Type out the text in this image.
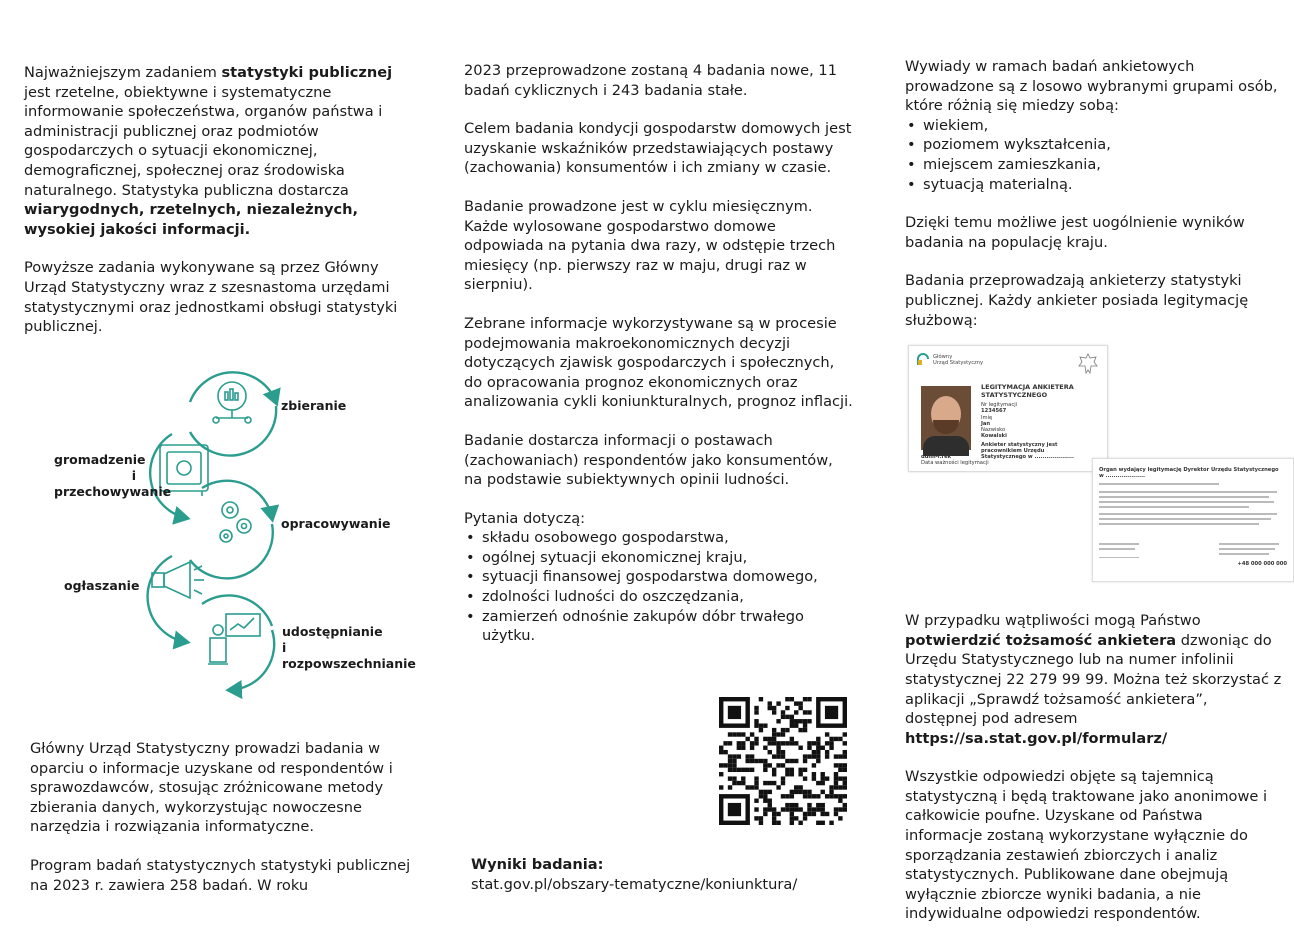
Najważniejszym zadaniem statystyki publicznej jest rzetelne, obiektywne i systematyczne informowanie społeczeństwa, organów państwa i administracji publicznej oraz podmiotów gospodarczych o sytuacji ekonomicznej, demograficznej, społecznej oraz środowiska naturalnego. Statystyka publiczna dostarcza wiarygodnych, rzetelnych, niezależnych, wysokiej jakości informacji.

Powyższe zadania wykonywane są przez Główny Urząd Statystyczny wraz z szesnastoma urzędami statystycznymi oraz jednostkami obsługi statystyki publicznej.

zbieranie
gromadzenie
i przechowywanie
opracowywanie
ogłaszanie
udostępnianie
i rozpowszechnianie

Główny Urząd Statystyczny prowadzi badania w oparciu o informacje uzyskane od respondentów i sprawozdawców, stosując zróżnicowane metody zbierania danych, wykorzystując nowoczesne narzędzia i rozwiązania informatyczne.

Program badań statystycznych statystyki publicznej na 2023 r. zawiera 258 badań. W roku

2023 przeprowadzone zostaną 4 badania nowe, 11 badań cyklicznych i 243 badania stałe.

Celem badania kondycji gospodarstw domowych jest uzyskanie wskaźników przedstawiających postawy (zachowania) konsumentów i ich zmiany w czasie.

Badanie prowadzone jest w cyklu miesięcznym. Każde wylosowane gospodarstwo domowe odpowiada na pytania dwa razy, w odstępie trzech miesięcy (np. pierwszy raz w maju, drugi raz w sierpniu).

Zebrane informacje wykorzystywane są w procesie podejmowania makroekonomicznych decyzji dotyczących zjawisk gospodarczych i społecznych, do opracowania prognoz ekonomicznych oraz analizowania cykli koniunkturalnych, prognoz inflacji.

Badanie dostarcza informacji o postawach (zachowaniach) respondentów jako konsumentów, na podstawie subiektywnych opinii ludności.

Pytania dotyczą:
• składu osobowego gospodarstwa,
• ogólnej sytuacji ekonomicznej kraju,
• sytuacji finansowej gospodarstwa domowego,
• zdolności ludności do oszczędzania,
• zamierzeń odnośnie zakupów dóbr trwałego użytku.
Wyniki badania:
stat.gov.pl/obszary-tematyczne/koniunktura/
Wywiady w ramach badań ankietowych prowadzone są z losowo wybranymi grupami osób, które różnią się miedzy sobą:
• wiekiem,
• poziomem wykształcenia,
• miejscem zamieszkania,
• sytuacją materialną.

Dzięki temu możliwe jest uogólnienie wyników badania na populację kraju.

Badania przeprowadzają ankieterzy statystyki publicznej. Każdy ankieter posiada legitymację służbową:

W przypadku wątpliwości mogą Państwo potwierdzić tożsamość ankietera dzwoniąc do Urzędu Statystycznego lub na numer infolinii statystycznej 22 279 99 99. Można też skorzystać z aplikacji „Sprawdź tożsamość ankietera”, dostępnej pod adresem https://sa.stat.gov.pl/formularz/

Wszystkie odpowiedzi objęte są tajemnicą statystyczną i będą traktowane jako anonimowe i całkowicie poufne. Uzyskane od Państwa informacje zostaną wykorzystane wyłącznie do sporządzania zestawień zbiorczych i analiz statystycznych. Publikowane dane obejmują wyłącznie zbiorcze wyniki badania, a nie indywidualne odpowiedzi respondentów.

Główny
Urząd Statystyczny
LEGITYMACJA ANKIETERA
STATYSTYCZNEGO
Nr legitymacji
1234567
Imię
Jan
Nazwisko
Kowalski
Ankieter statystyczny jest pracownikiem Urzędu Statystycznego w ....................
ddlm-r.rek
Data ważności legitymacji
Organ wydający legitymację Dyrektor Urzędu Statystycznego w ....................
+48 000 000 000
